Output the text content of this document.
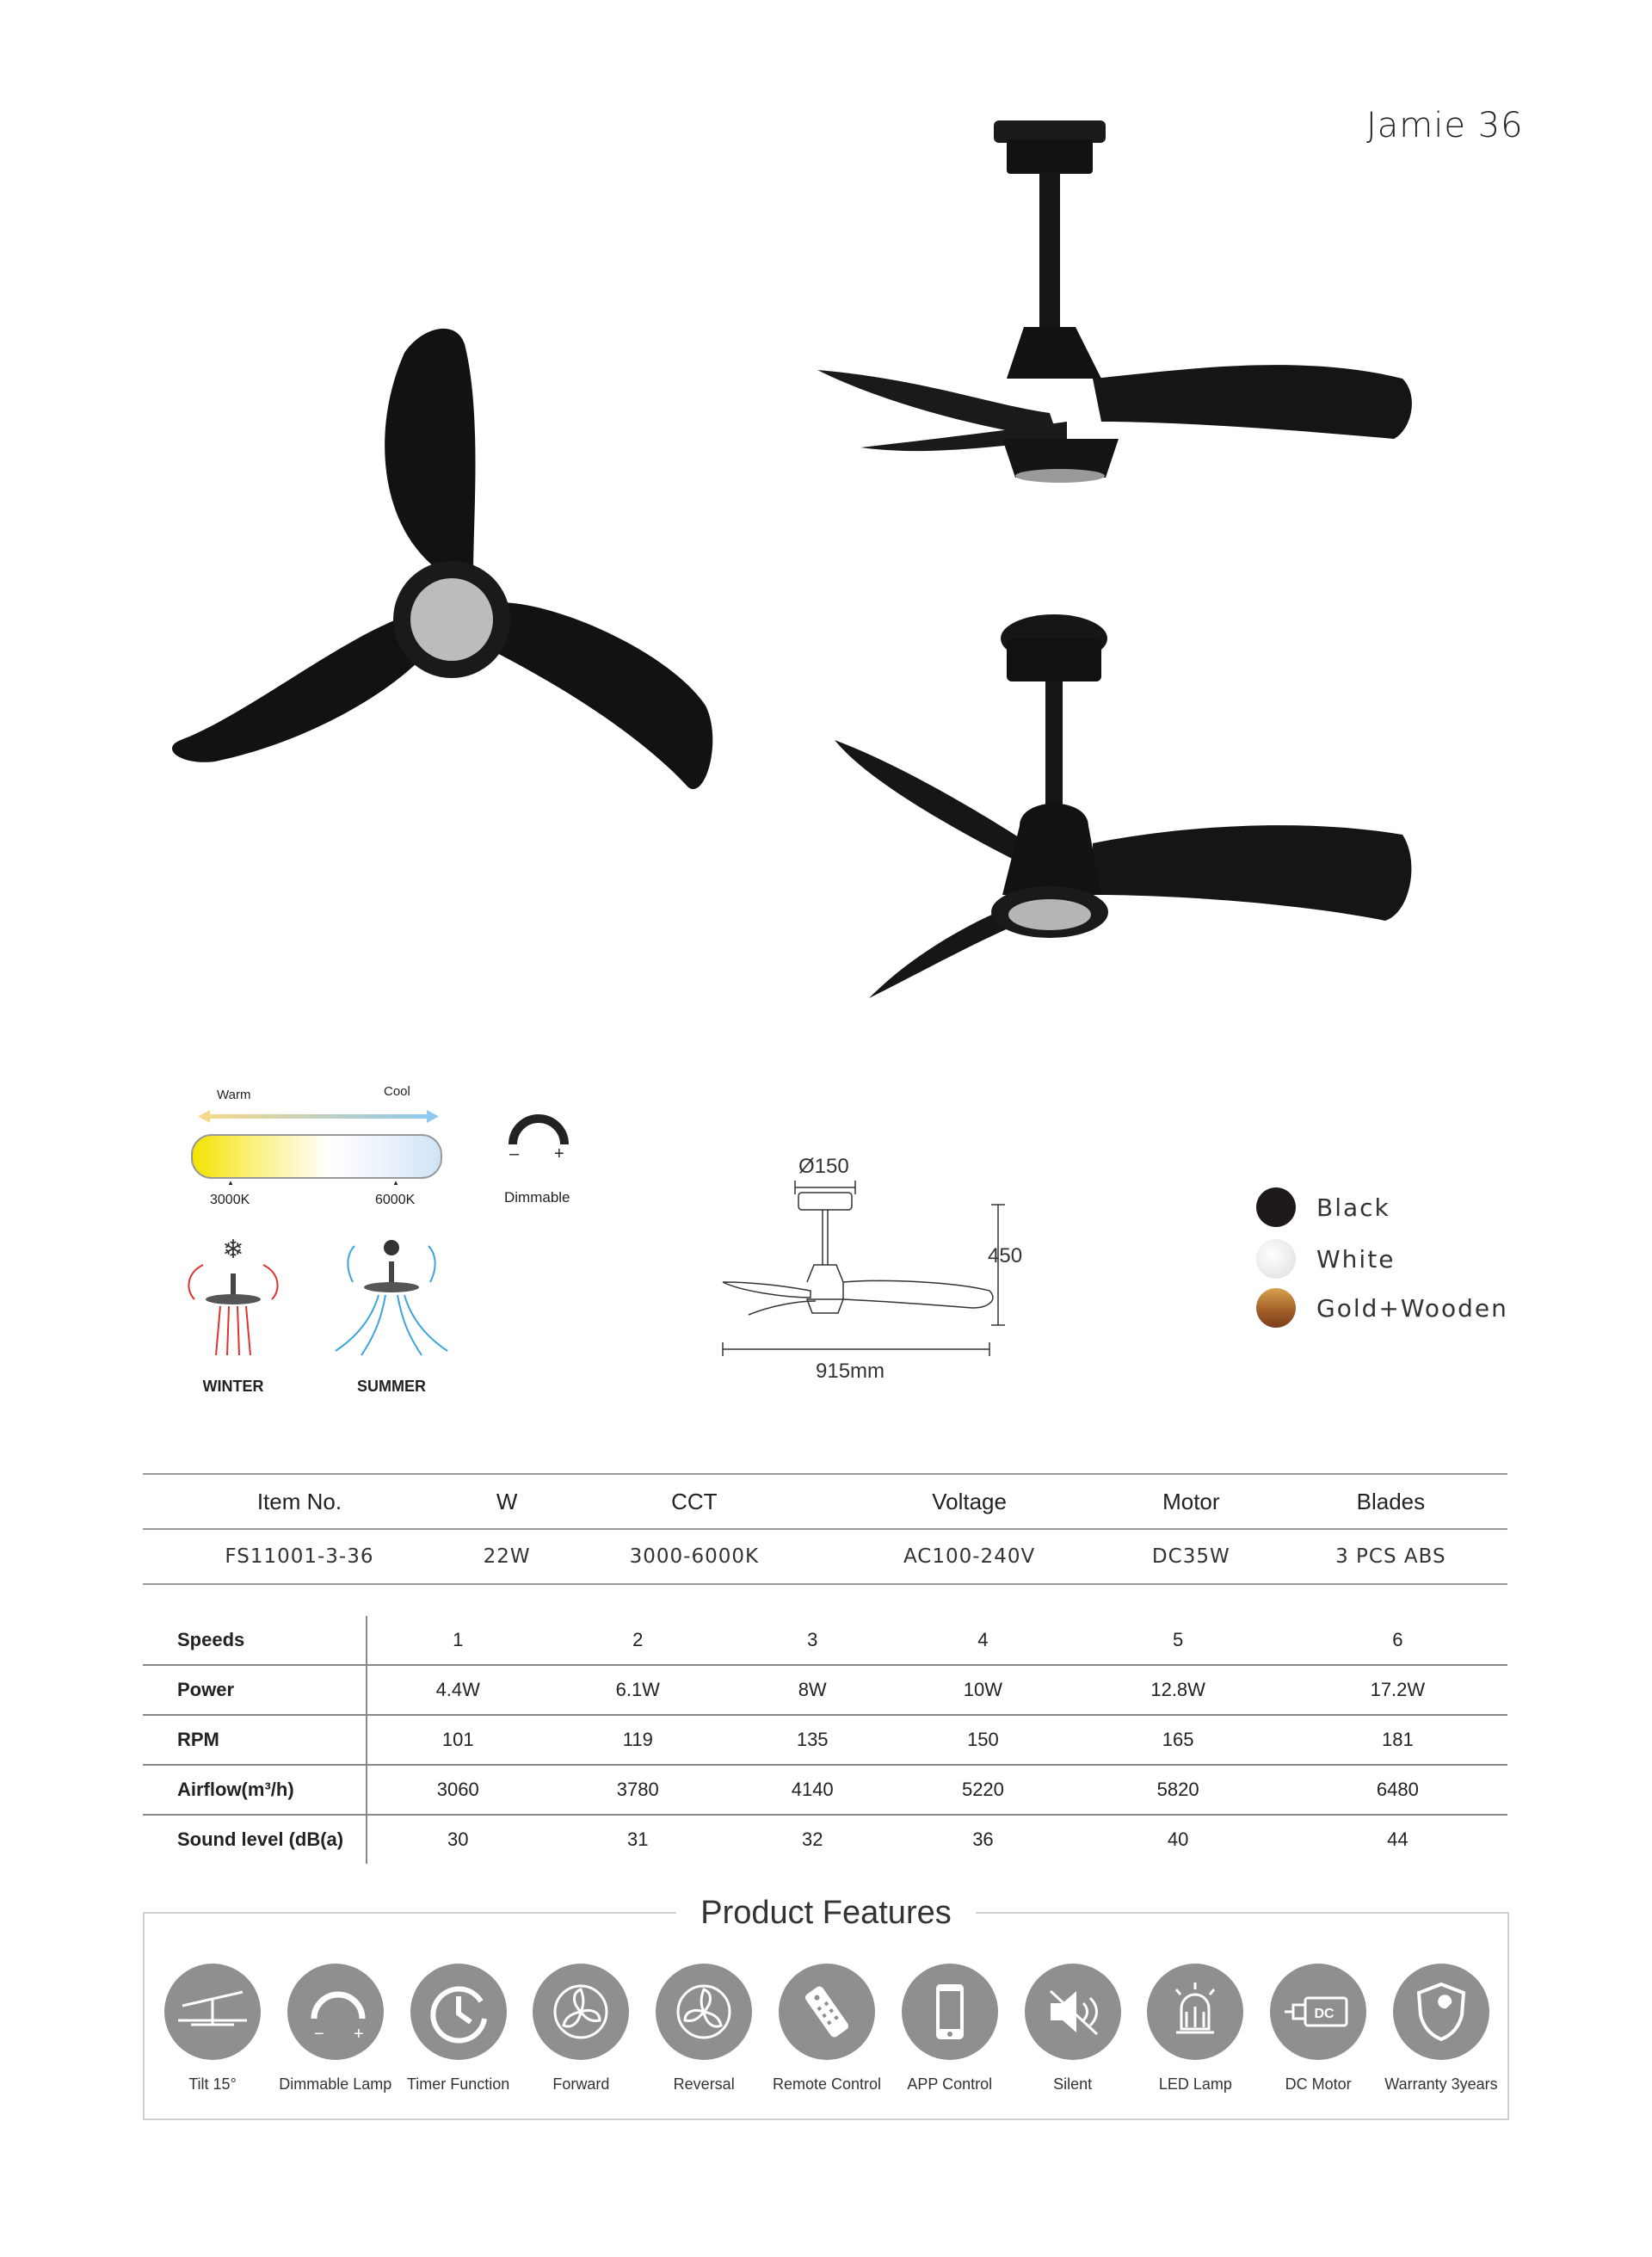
Jamie 36
Warm	Cool
▲	▲
3000K	6000K
– +
Dimmable
❄
WINTER	SUMMER
Ø150
450
915mm
Black
White
Gold+Wooden
Item No.	W	CCT	Voltage	Motor	Blades
FS11001-3-36	22W	3000-6000K	AC100-240V	DC35W	3 PCS ABS
Speeds	1	2	3	4	5	6
Power	4.4W	6.1W	8W	10W	12.8W	17.2W
RPM	101	119	135	150	165	181
Airflow(m³/h)	3060	3780	4140	5220	5820	6480
Sound level (dB(a)	30	31	32	36	40	44
Product Features
Tilt 15°
− +
Dimmable Lamp Timer Function	Forward	Reversal Remote Control APP Control	Silent	LED Lamp
DC
DC Motor Warranty 3years
